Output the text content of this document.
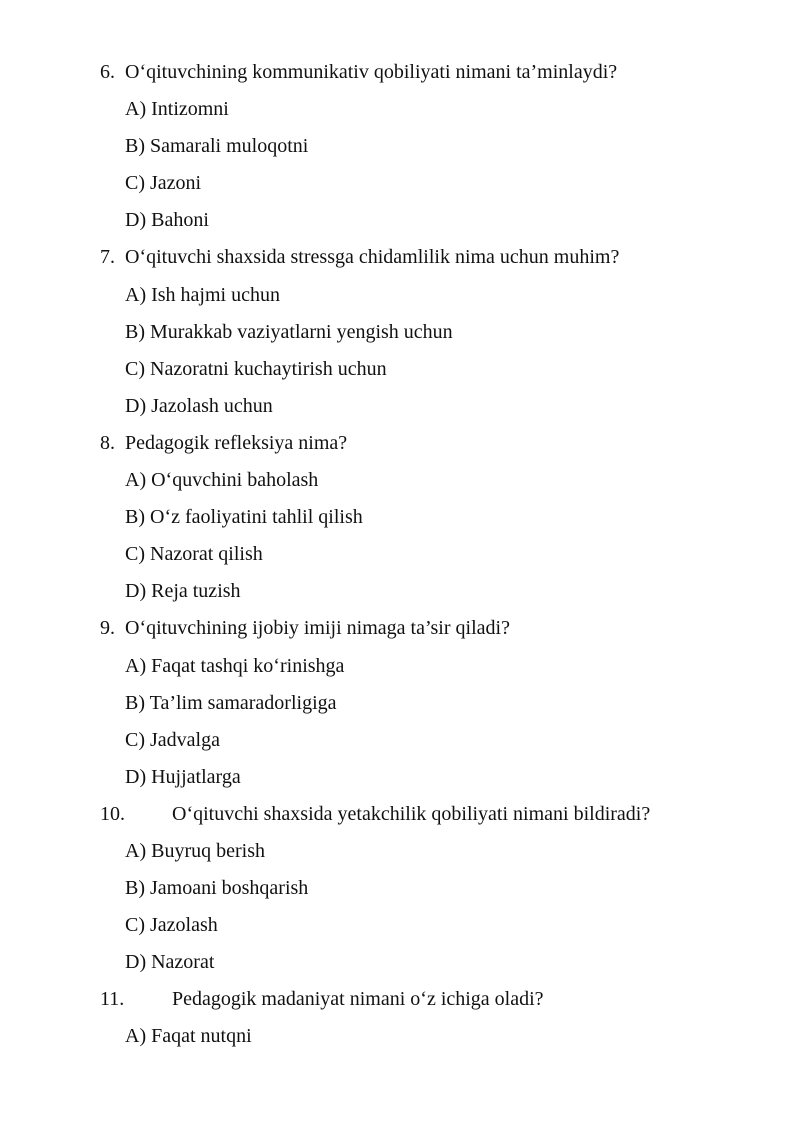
6. O‘qituvchining kommunikativ qobiliyati nimani ta’minlaydi?
A) Intizomni
B) Samarali muloqotni
C) Jazoni
D) Bahoni
7. O‘qituvchi shaxsida stressga chidamlilik nima uchun muhim?
A) Ish hajmi uchun
B) Murakkab vaziyatlarni yengish uchun
C) Nazoratni kuchaytirish uchun
D) Jazolash uchun
8. Pedagogik refleksiya nima?
A) O‘quvchini baholash
B) O‘z faoliyatini tahlil qilish
C) Nazorat qilish
D) Reja tuzish
9. O‘qituvchining ijobiy imiji nimaga ta’sir qiladi?
A) Faqat tashqi ko‘rinishga
B) Ta’lim samaradorligiga
C) Jadvalga
D) Hujjatlarga
10. O‘qituvchi shaxsida yetakchilik qobiliyati nimani bildiradi?
A) Buyruq berish
B) Jamoani boshqarish
C) Jazolash
D) Nazorat
11. Pedagogik madaniyat nimani o‘z ichiga oladi?
A) Faqat nutqni
